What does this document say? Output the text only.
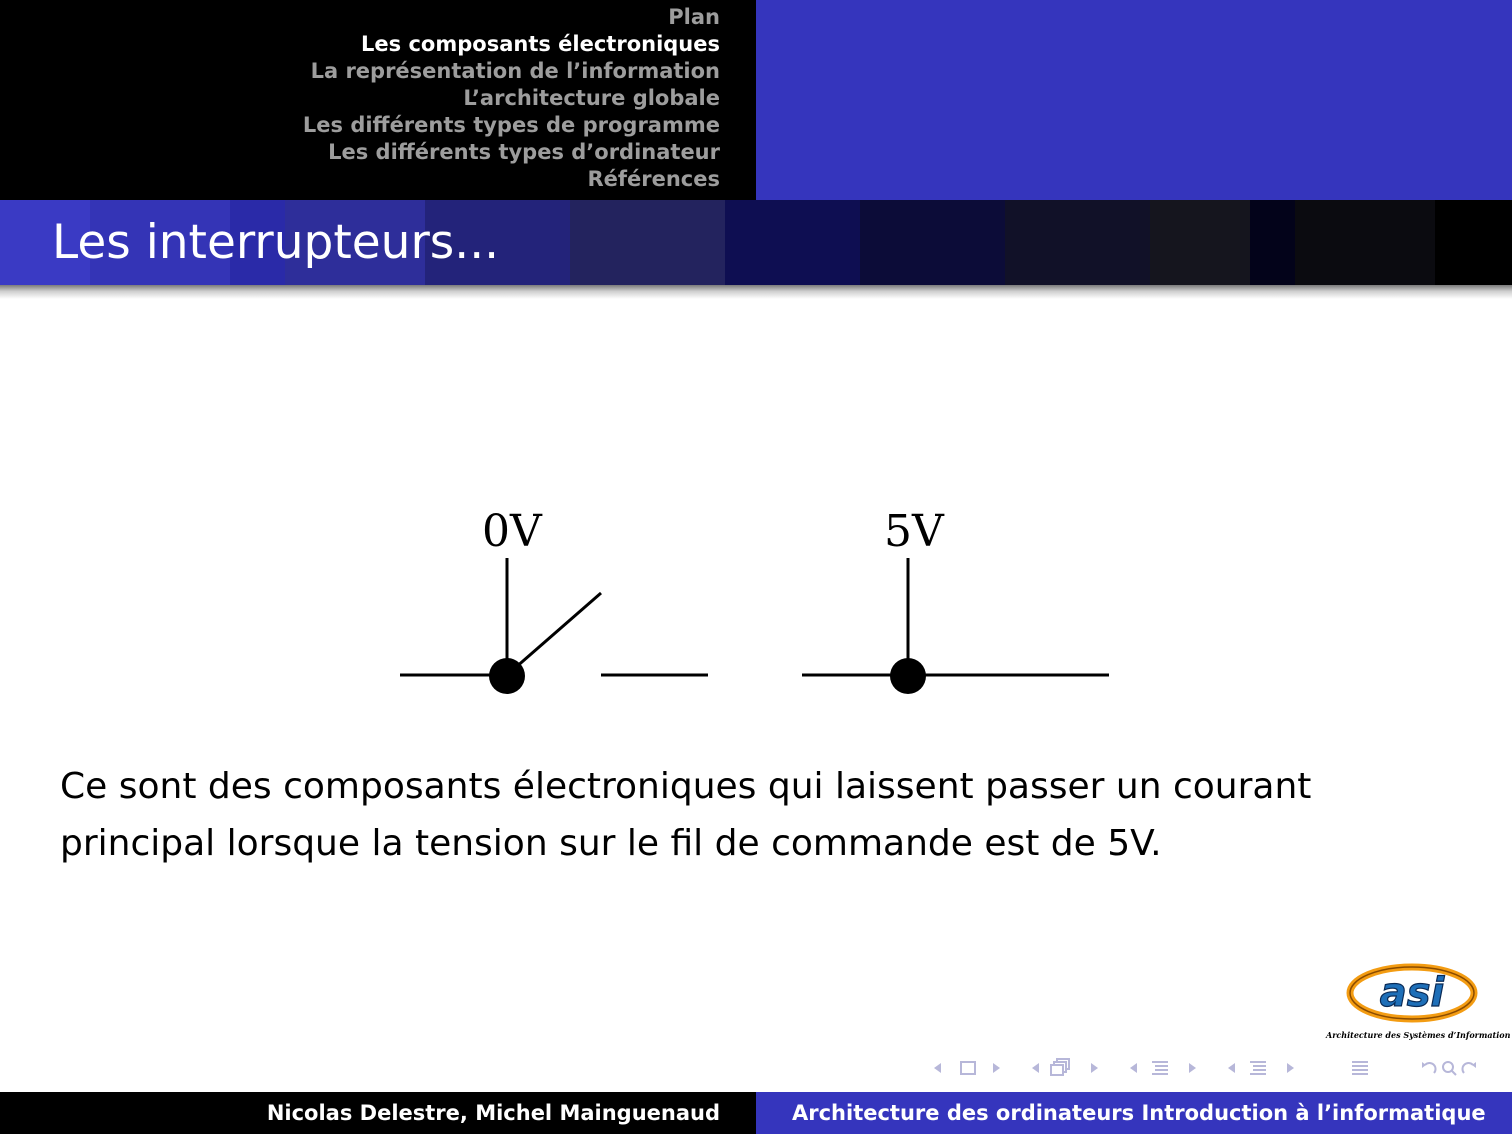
Plan
Les composants électroniques
La représentation de l’information
L’architecture globale
Les différents types de programme
Les différents types d’ordinateur
Références
Les interrupteurs...
0V	5V

Ce sont des composants électroniques qui laissent passer un courant principal lorsque la tension sur le fil de commande est de 5V.

asi
Architecture des Systèmes d’Information
Nicolas Delestre, Michel Mainguenaud	Architecture des ordinateurs Introduction à l’informatique
